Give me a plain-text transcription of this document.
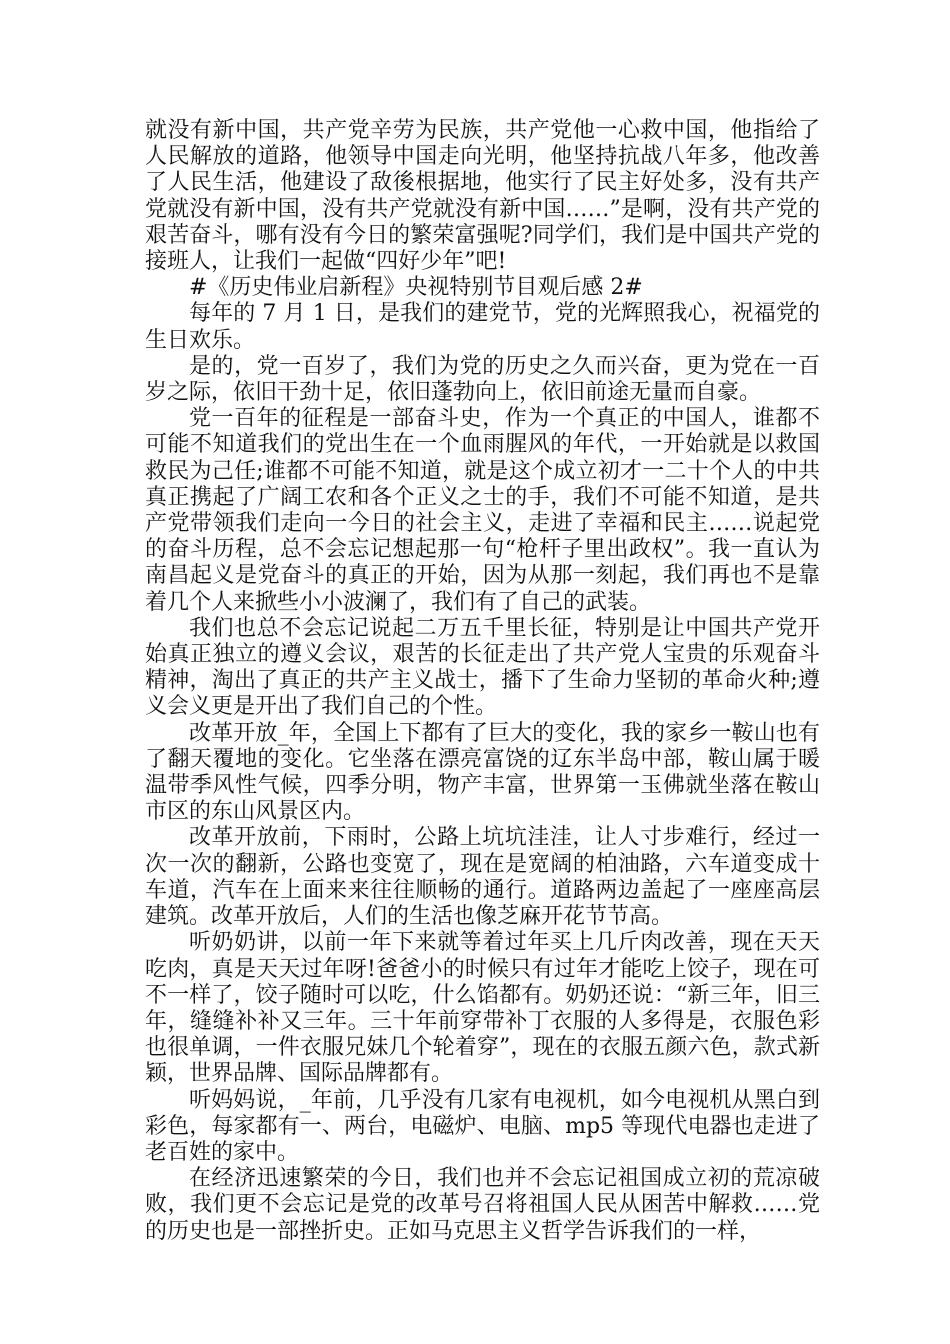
就没有新中国，共产党辛劳为民族，共产党他一心救中国，他指给了人民解放的道路，他领导中国走向光明，他坚持抗战八年多，他改善了人民生活，他建设了敌後根据地，他实行了民主好处多，没有共产党就没有新中国，没有共产党就没有新中国……”是啊，没有共产党的艰苦奋斗，哪有没有今日的繁荣富强呢?同学们，我们是中国共产党的接班人，让我们一起做“四好少年”吧!

#《历史伟业启新程》央视特别节目观后感 2#

每年的 7 月 1 日，是我们的建党节，党的光辉照我心，祝福党的生日欢乐。

是的，党一百岁了，我们为党的历史之久而兴奋，更为党在一百岁之际，依旧干劲十足，依旧蓬勃向上，依旧前途无量而自豪。

党一百年的征程是一部奋斗史，作为一个真正的中国人，谁都不可能不知道我们的党出生在一个血雨腥风的年代，一开始就是以救国救民为己任;谁都不可能不知道，就是这个成立初才一二十个人的中共真正携起了广阔工农和各个正义之士的手，我们不可能不知道，是共产党带领我们走向一今日的社会主义，走进了幸福和民主……说起党的奋斗历程，总不会忘记想起那一句“枪杆子里出政权”。我一直认为南昌起义是党奋斗的真正的开始，因为从那一刻起，我们再也不是靠着几个人来掀些小小波澜了，我们有了自己的武装。

我们也总不会忘记说起二万五千里长征，特别是让中国共产党开始真正独立的遵义会议，艰苦的长征走出了共产党人宝贵的乐观奋斗精神，淘出了真正的共产主义战士，播下了生命力坚韧的革命火种;遵义会义更是开出了我们自己的个性。

改革开放_年，全国上下都有了巨大的变化，我的家乡一鞍山也有了翻天覆地的变化。它坐落在漂亮富饶的辽东半岛中部，鞍山属于暖温带季风性气候，四季分明，物产丰富，世界第一玉佛就坐落在鞍山市区的东山风景区内。

改革开放前，下雨时，公路上坑坑洼洼，让人寸步难行，经过一次一次的翻新，公路也变宽了，现在是宽阔的柏油路，六车道变成十车道，汽车在上面来来往往顺畅的通行。道路两边盖起了一座座高层建筑。改革开放后，人们的生活也像芝麻开花节节高。

听奶奶讲，以前一年下来就等着过年买上几斤肉改善，现在天天吃肉，真是天天过年呀!爸爸小的时候只有过年才能吃上饺子，现在可不一样了，饺子随时可以吃，什么馅都有。奶奶还说：“新三年，旧三年，缝缝补补又三年。三十年前穿带补丁衣服的人多得是，衣服色彩也很单调，一件衣服兄妹几个轮着穿”，现在的衣服五颜六色，款式新颖，世界品牌、国际品牌都有。

听妈妈说，_年前，几乎没有几家有电视机，如今电视机从黑白到彩色，每家都有一、两台，电磁炉、电脑、mp5 等现代电器也走进了老百姓的家中。

在经济迅速繁荣的今日，我们也并不会忘记祖国成立初的荒凉破败，我们更不会忘记是党的改革号召将祖国人民从困苦中解救……党的历史也是一部挫折史。正如马克思主义哲学告诉我们的一样，
